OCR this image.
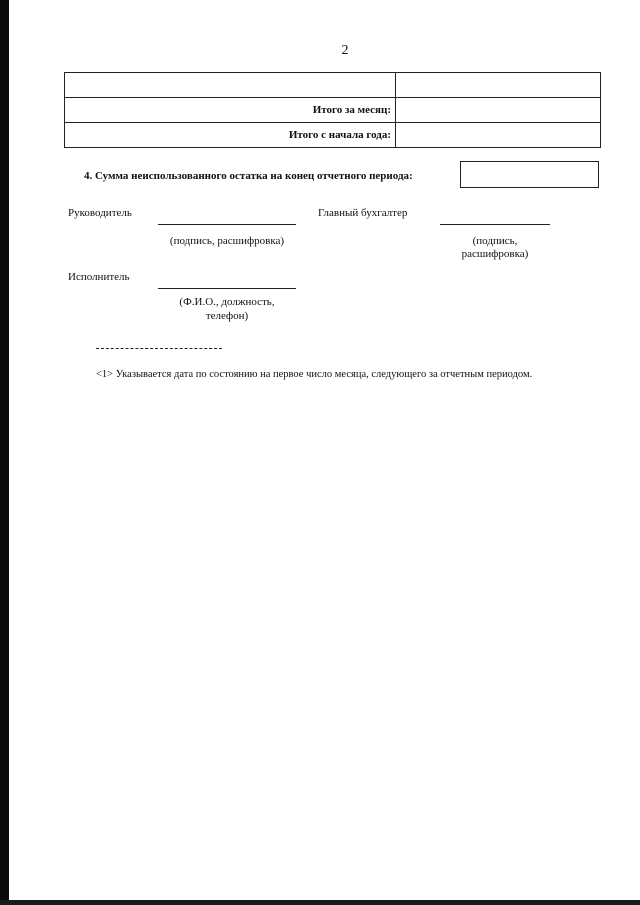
2

Итого за месяц:	
Итого с начала года:	
4. Сумма неиспользованного остатка на конец отчетного периода:
Руководитель
(подпись, расшифровка)
Главный бухгалтер
(подпись,
расшифровка)
Исполнитель
(Ф.И.О., должность,
телефон)
<1> Указывается дата по состоянию на первое число месяца, следующего за отчетным периодом.
